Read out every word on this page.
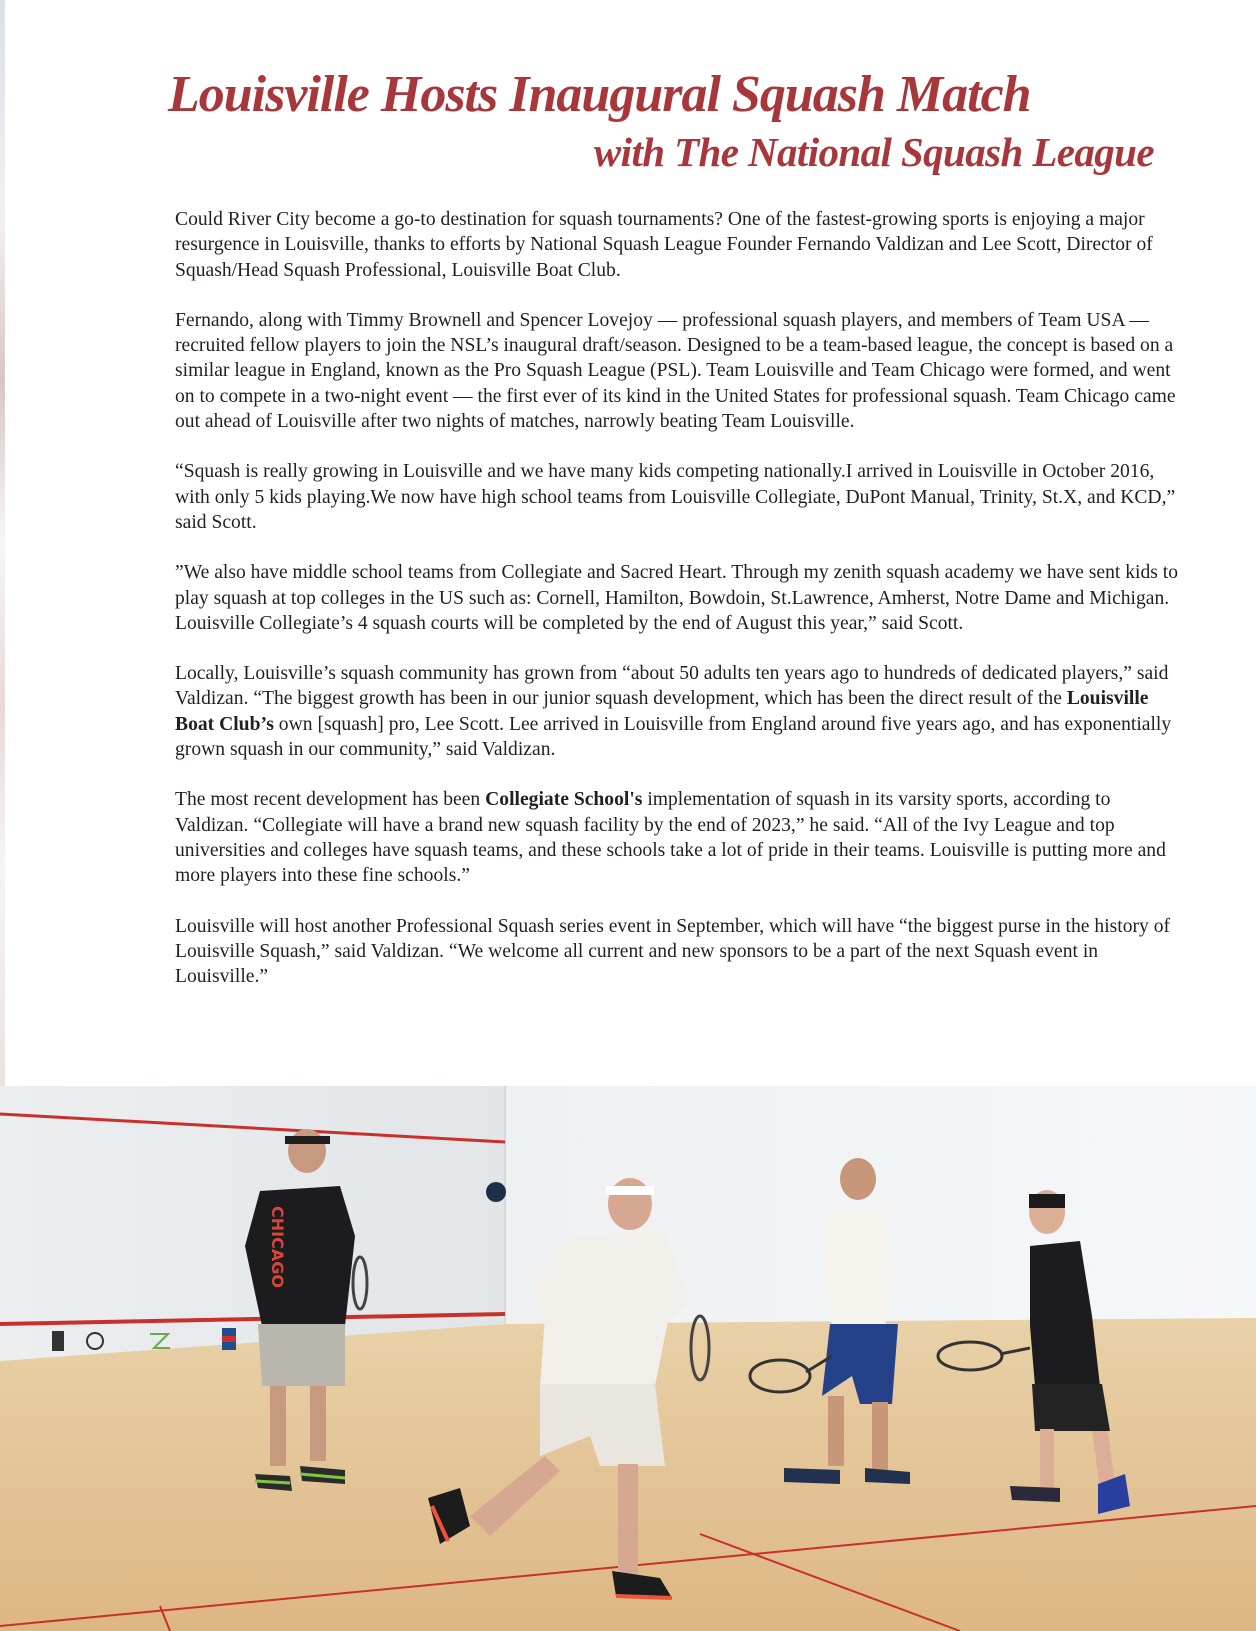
Louisville Hosts Inaugural Squash Match
with The National Squash League

Could River City become a go-to destination for squash tournaments? One of the fastest-growing sports is enjoying a major resurgence in Louisville, thanks to efforts by National Squash League Founder Fernando Valdizan and Lee Scott, Director of Squash/Head Squash Professional, Louisville Boat Club.

Fernando, along with Timmy Brownell and Spencer Lovejoy — professional squash players, and members of Team USA — recruited fellow players to join the NSL’s inaugural draft/season. Designed to be a team-based league, the concept is based on a similar league in England, known as the Pro Squash League (PSL). Team Louisville and Team Chicago were formed, and went on to compete in a two-night event — the first ever of its kind in the United States for professional squash. Team Chicago came out ahead of Louisville after two nights of matches, narrowly beating Team Louisville.

“Squash is really growing in Louisville and we have many kids competing nationally.I arrived in Louisville in October 2016, with only 5 kids playing.We now have high school teams from Louisville Collegiate, DuPont Manual, Trinity, St.X, and KCD,” said Scott.

”We also have middle school teams from Collegiate and Sacred Heart. Through my zenith squash academy we have sent kids to play squash at top colleges in the US such as: Cornell, Hamilton, Bowdoin, St.Lawrence, Amherst, Notre Dame and Michigan. Louisville Collegiate’s 4 squash courts will be completed by the end of August this year,” said Scott.

Locally, Louisville’s squash community has grown from “about 50 adults ten years ago to hundreds of dedicated players,” said Valdizan. “The biggest growth has been in our junior squash development, which has been the direct result of the Louisville Boat Club’s own [squash] pro, Lee Scott. Lee arrived in Louisville from England around five years ago, and has exponentially grown squash in our community,” said Valdizan.

The most recent development has been Collegiate School's implementation of squash in its varsity sports, according to Valdizan. “Collegiate will have a brand new squash facility by the end of 2023,” he said. “All of the Ivy League and top universities and colleges have squash teams, and these schools take a lot of pride in their teams. Louisville is putting more and more players into these fine schools.”

Louisville will host another Professional Squash series event in September, which will have “the biggest purse in the history of Louisville Squash,” said Valdizan. “We welcome all current and new sponsors to be a part of the next Squash event in Louisville.”

CHICAGO
